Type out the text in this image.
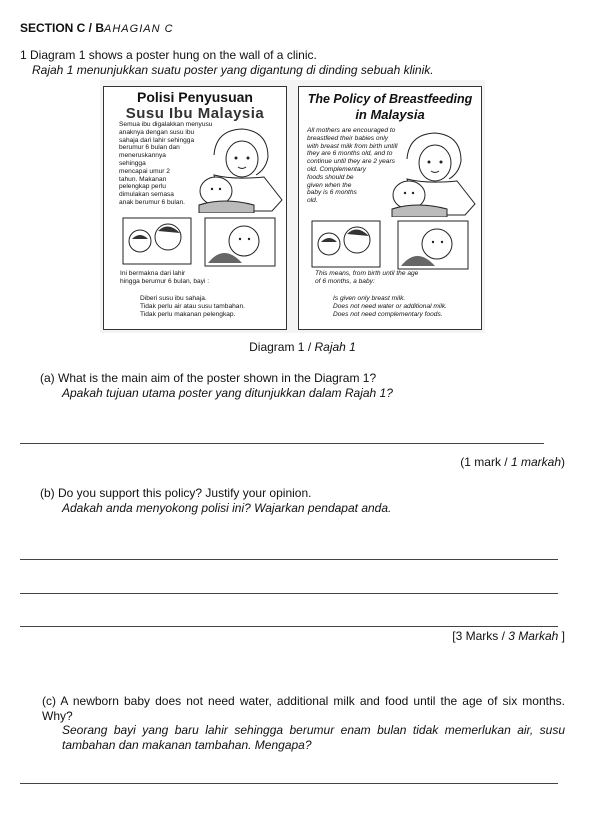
SECTION C / BAHAGIAN C
1 Diagram 1 shows a poster hung on the wall of a clinic.
Rajah 1 menunjukkan suatu poster yang digantung di dinding sebuah klinik.
Polisi Penyusuan
Susu Ibu Malaysia
Semua ibu digalakkan menyusu
anaknya dengan susu ibu
sahaja dari lahir sehingga
berumur 6 bulan dan
meneruskannya
sehingga
mencapai umur 2
tahun. Makanan
pelengkap perlu
dimulakan semasa
anak berumur 6 bulan.
Ini bermakna dari lahir
hingga berumur 6 bulan, bayi :
Diberi susu ibu sahaja.
Tidak perlu air atau susu tambahan.
Tidak perlu makanan pelengkap.
The Policy of Breastfeeding
in Malaysia
All mothers are encouraged to
breastfeed their babies only
with breast milk from birth untill
they are 6 months old, and to
continue until they are 2 years
old. Complementary
foods should be
given when the
baby is 6 months
old.
This means, from birth until the age
of 6 months, a baby:
Is given only breast milk.
Does not need water or additional milk.
Does not need complementary foods.
Diagram 1 / Rajah 1
(a) What is the main aim of the poster shown in the Diagram 1?
Apakah tujuan utama poster yang ditunjukkan dalam Rajah 1?
(1 mark / 1 markah)
(b) Do you support this policy? Justify your opinion.
Adakah anda menyokong polisi ini? Wajarkan pendapat anda.
[3 Marks / 3 Markah ]
(c) A newborn baby does not need water, additional milk and food until the age of six months. Why?
Seorang bayi yang baru lahir sehingga berumur enam bulan tidak memerlukan air, susu tambahan dan makanan tambahan. Mengapa?
